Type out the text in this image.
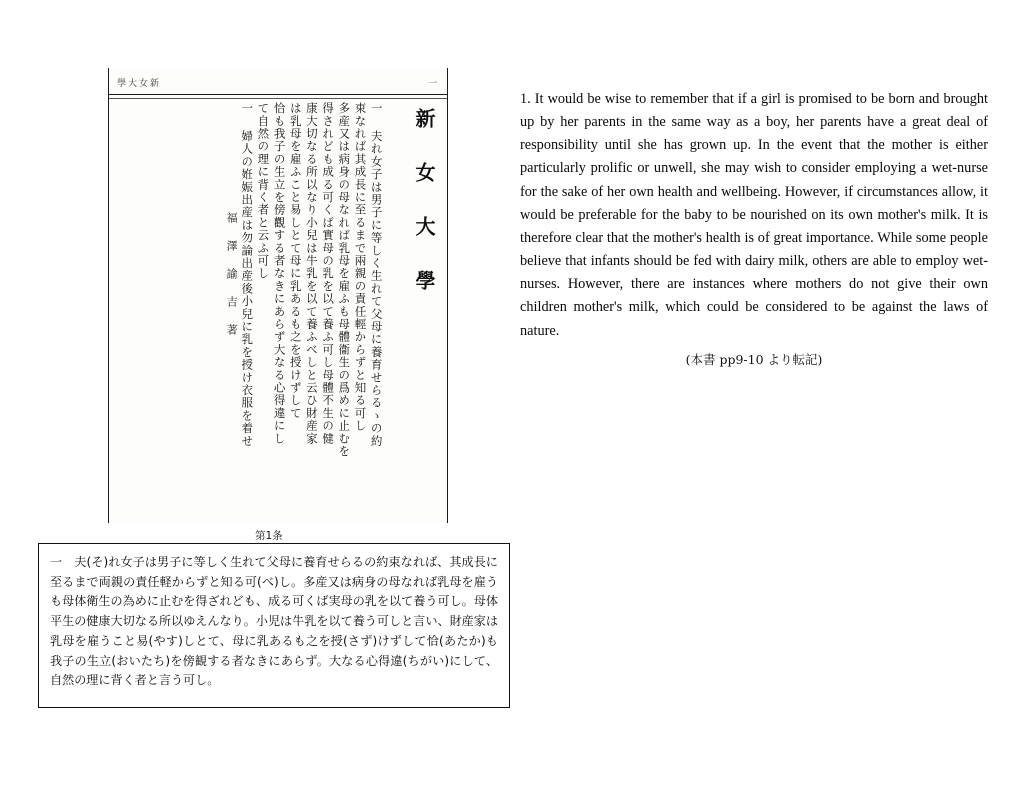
一
學大女新
新 女 大 學
一 夫れ女子は男子に等しく生れて父母に養育せらるゝの約
束なれば其成長に至るまで兩親の責任輕からずと知る可し
多産又は病身の母なれば乳母を雇ふも母體衞生の爲めに止むを
得されども成る可くば實母の乳を以て養ふ可し母體不生の健
康大切なる所以なり小兒は牛乳を以て養ふべしと云ひ財産家
は乳母を雇ふこと易しとて母に乳あるも之を授けずして
恰も我子の生立を傍觀する者なきにあらず大なる心得違にし
て自然の理に背く者と云ふ可し
一 婦人の姙娠出産は勿論出産後小兒に乳を授け衣服を着せ
福 澤 諭 吉 著

1. It would be wise to remember that if a girl is promised to be born and brought up by her parents in the same way as a boy, her parents have a great deal of responsibility until she has grown up. In the event that the mother is either particularly prolific or unwell, she may wish to consider employing a wet-nurse for the sake of her own health and wellbeing. However, if circumstances allow, it would be preferable for the baby to be nourished on its own mother's milk. It is therefore clear that the mother's health is of great importance. While some people believe that infants should be fed with dairy milk, others are able to employ wet-nurses. However, there are instances where mothers do not give their own children mother's milk, which could be considered to be against the laws of nature.

(本書 pp9-10 より転記)
第1条

一　夫(そ)れ女子は男子に等しく生れて父母に養育せらるの約束なれば、其成長に至るまで両親の責任軽からずと知る可(べ)し。多産又は病身の母なれば乳母を雇うも母体衛生の為めに止むを得ざれども、成る可くば実母の乳を以て養う可し。母体平生の健康大切なる所以ゆえんなり。小児は牛乳を以て養う可しと言い、財産家は乳母を雇うこと易(やす)しとて、母に乳あるも之を授(さず)けずして恰(あたか)も我子の生立(おいたち)を傍観する者なきにあらず。大なる心得違(ちがい)にして、自然の理に背く者と言う可し。
